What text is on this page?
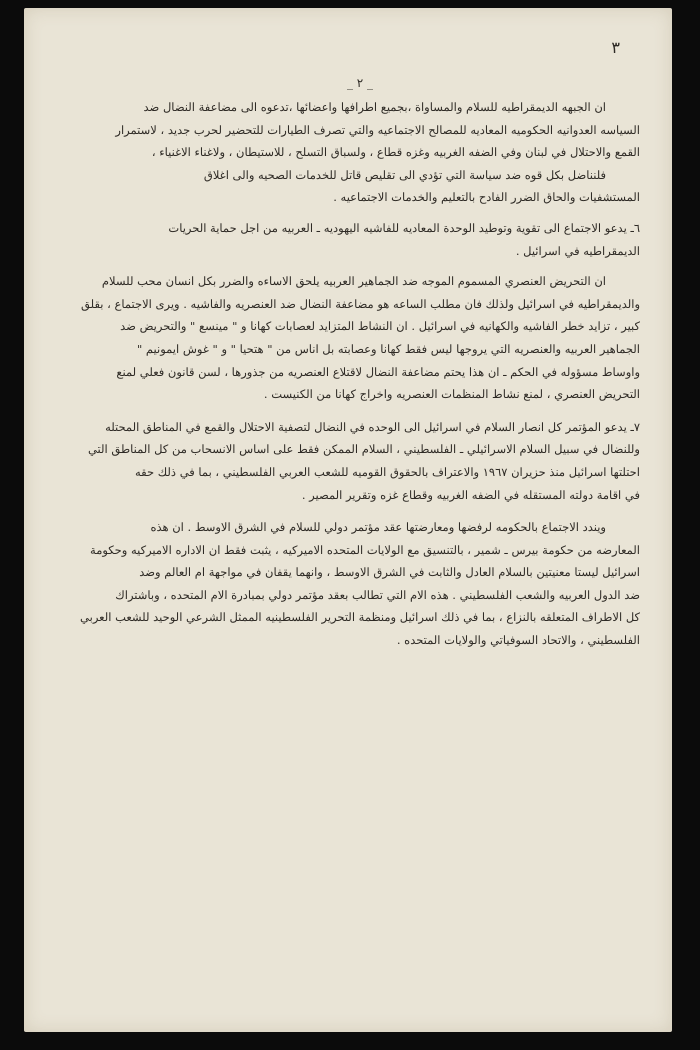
٣
_ ٢ _
ان الجبهه الديمقراطيه للسلام والمساواة ،بجميع اطرافها واعضائها ،تدعوه الى مضاعفة النضال ضد
السياسه العدوانيه الحكوميه المعاديه للمصالح الاجتماعيه والتي تصرف الطيارات للتحضير لحرب جديد ، لاستمرار
القمع والاحتلال في لبنان وفي الضفه الغربيه وغزه قطاع ، ولسباق التسلح ، للاستيطان ، ولاغناء الاغنياء ،
فلنناضل بكل قوه ضد سياسة التي تؤدي الى تقليص قاتل للخدمات الصحيه والى اغلاق
المستشفيات والحاق الضرر الفادح بالتعليم والخدمات الاجتماعيه .
٦ـ يدعو الاجتماع الى تقوية وتوطيد الوحدة المعاديه للفاشيه اليهوديه ـ العربيه من اجل حماية الحريات
الديمقراطيه في اسرائيل .
ان التحريض العنصري المسموم الموجه ضد الجماهير العربيه يلحق الاساءه والضرر بكل انسان محب للسلام
والديمقراطيه في اسرائيل ولذلك فان مطلب الساعه هو مضاعفة النضال ضد العنصريه والفاشيه . ويرى الاجتماع ، بقلق
كبير ، تزايد خطر الفاشيه والكهانيه في اسرائيل . ان النشاط المتزايد لعصابات كهانا و " مينسع " والتحريض ضد
الجماهير العربيه والعنصريه التي يروجها ليس فقط كهانا وعصابته بل اناس من " هتحيا " و " غوش ايمونيم "
واوساط مسؤوله في الحكم ـ ان هذا يحتم مضاعفة النضال لاقتلاع العنصريه من جذورها ، لسن قانون فعلي لمنع
التحريض العنصري ، لمنع نشاط المنظمات العنصريه واخراج كهانا من الكنيست .
٧ـ يدعو المؤتمر كل انصار السلام في اسرائيل الى الوحده في النضال لتصفية الاحتلال والقمع في المناطق المحتله
وللنضال في سبيل السلام الاسرائيلي ـ الفلسطيني ، السلام الممكن فقط على اساس الانسحاب من كل المناطق التي
احتلتها اسرائيل منذ حزيران ١٩٦٧ والاعتراف بالحقوق القوميه للشعب العربي الفلسطيني ، بما في ذلك حقه
في اقامة دولته المستقله في الضفه الغربيه وقطاع غزه وتقرير المصير .
ويندد الاجتماع بالحكومه لرفضها ومعارضتها عقد مؤتمر دولي للسلام في الشرق الاوسط . ان هذه
المعارضه من حكومة بيرس ـ شمير ، بالتنسيق مع الولايات المتحده الاميركيه ، يثبت فقط ان الاداره الاميركيه وحكومة
اسرائيل ليستا معنيتين بالسلام العادل والثابت في الشرق الاوسط ، وانهما يقفان في مواجهة ام العالم وضد
ضد الدول العربيه والشعب الفلسطيني . هذه الام التي تطالب بعقد مؤتمر دولي بمبادرة الام المتحده ، وباشتراك
كل الاطراف المتعلقه بالنزاع ، بما في ذلك اسرائيل ومنظمة التحرير الفلسطينيه الممثل الشرعي الوحيد للشعب العربي
الفلسطيني ، والاتحاد السوفياتي والولايات المتحده .
